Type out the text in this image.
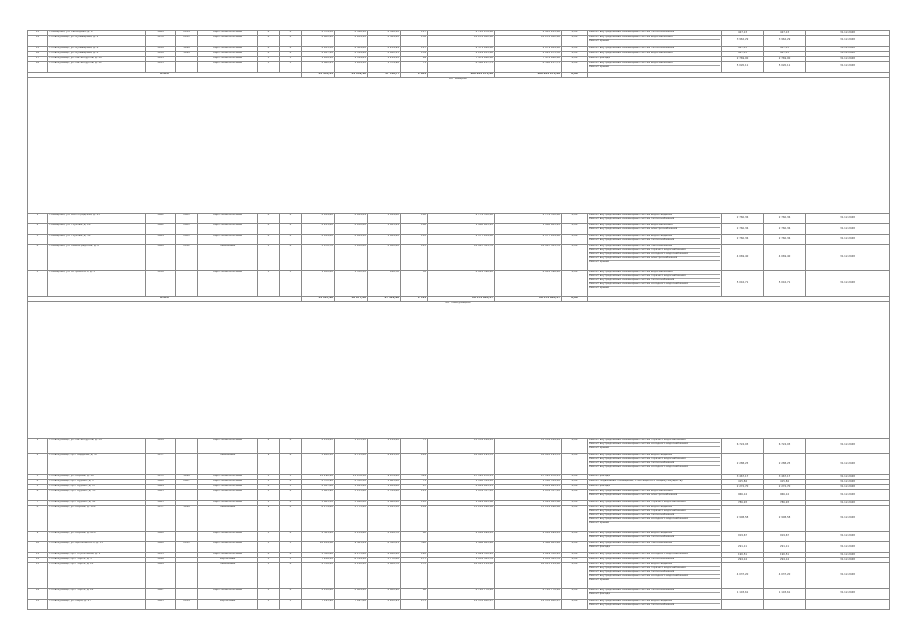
13	г.Кемерово, ул. Свободная, д. 4	1969	2014	Кирп. шлакоблочные	4	4	2 579,30	2 346,10	2 346,10	117	2 703 478,00	2 903 205,00	0,00	Ремонт внутридомовых инженерных систем теплоснабжения	427,13	427,13	31.12.2048
14	г.Новокузнецк, ул. Бульварная, д. 2	1970	2011	Кирп. шлакоблочные	4	4	2 902,20	2 634,10	2 384,20	138	10 231 002,00	10 231 002,00	0,00	Ремонт внутридомовых инженерных систем водоснабжения
Ремонт крыши	3 962,29	3 962,29	31.12.2048
15	г.Новокузнецк, ул. Бульварная, д. 6	1958	1998	Кирп. шлакоблочные	4	4	2 955,30	2 504,00	2 234,94	117	2 371 028,00	2 079 904,00	0,00	Ремонт внутридомовых инженерных систем теплоснабжения	427,13	427,13	31.12.2048
16	г.Новокузнецк, ул. Бульварная, д. 8	1958	1999	Кирп. шлакоблочные	4	4	2 927,10	2 519,26	2 022,15	134	2 214 453,00	2 022 475,30	0,00	Ремонт внутридомовых инженерных систем водоснабжения	427,13	427,13	31.12.2048
17	г.Новокузнецк, ул. Металлургов, д. 10	1955		Кирп. шлакоблочные	3	3	1 638,10	1 514,05	1 219,12	64	7 474 460,00	7 474 460,00	0,00	Ремонт фасада	2 769,00	2 769,00	31.12.2048
18	г.Новокузнецк, ул. Металлургов, д. 12	1955		Кирп. шлакоблочные	3	3	2 062,25	1 639,10	1 574,96	71	8 300 237,75	8 300 237,75	0,00	Ремонт внутридомовых инженерных систем водоснабжения
Ремонт крыши	5 020,11	5 020,11	31.12.2048
Итого							45 453,35	41 152,16	37 726,??	1 364	109 844 274,28	109 844 274,28	0,00				
МО "Кемерово"																	
1	г.Кемерово, ул. Волгоградская, д. 23	1962	2001	Кирп. шлакоблочные	4	4	2 189,60	2 024,89	1 814,80	100	2 774 350,00	2 774 350,00	0,00	Ремонт внутридомовых инженерных систем водоотведения
Ремонт внутридомовых инженерных систем теплоснабжения	2 760,36	2 760,36	31.12.2048
2	г.Кемерово, ул. Глухова, д. 28	1962	2001	Кирп. шлакоблочные	4	4	2 221,40	2 030,00	1 823,24	106	1 980 603,22	1 980 603,22	0,00	Ремонт внутридомовых инженерных систем водоснабжения
Ремонт внутридомовых инженерных систем электроснабжения	2 760,36	2 760,36	31.12.2048
3	г.Кемерово, ул. Глухова, д. 30	1964	2001	Кирп. шлакоблочные	4	4	2 189,80	2 024,10	1 824,20	112	2 177 954,00	2 177 954,00	0,00	Ремонт внутридомовых инженерных систем водоотведения
Ремонт внутридомовых инженерных систем теплоснабжения	2 760,36	2 760,36	31.12.2048
4	г.Кемерово, ул. Ленинградская, д. 8	1968	2012	Панельные	5	6	3 470,70	3 100,00	2 820,40	143	10 867 501,76	10 867 501,76	0,00	Ремонт внутридомовых инженерных систем газоснабжения
Ремонт внутридомовых инженерных систем горячего водоснабжения
Ремонт внутридомовых инженерных систем холодного водоснабжения
Ремонт внутридомовых инженерных систем электроснабжения
Ремонт крыши	4 069,40	4 069,40	31.12.2048
5	г.Кемерово, ул. Островского, д. 5	1956		Кирп. шлакоблочные	3	3	1 630,80	1 532,50	926,30	58	4 801 596,40	4 801 596,40	0,00	Ремонт внутридомовых инженерных систем водоснабжения
Ремонт внутридомовых инженерных систем горячего водоснабжения
Ремонт внутридомовых инженерных систем теплоснабжения
Ремонт внутридомовых инженерных систем холодного водоснабжения
Ремонт крыши	5 016,71	5 016,71	31.12.2048
Итого							35 167,90	30 677,20	27 412,98	1 794	28 574 005,37	28 574 005,37	0,00				
МО "Новокузнецкий"																	
1	г.Новокузнецк, ул. Металлургов, д. 39	1959		Кирп. шлакоблочные	2	4	2 139,20	1 975,10	1 114,20	75	13 134 169,61	13 134 169,61	0,00	Ремонт внутридомовых инженерных систем горячего водоснабжения
Ремонт внутридомовых инженерных систем холодного водоснабжения
Ремонт крыши	6 724,93	6 724,93	31.12.2048
2	г.Новокузнецк, пр-т Бардина, д. 47	1977		Панельные	9	6	5 260,10	4 733,00	4 241,30	244	10 083 191,35	10 083 191,35	0,00	Ремонт внутридомовых инженерных систем водоотведения
Ремонт внутридомовых инженерных систем горячего водоснабжения
Ремонт внутридомовых инженерных систем теплоснабжения
Ремонт внутридомовых инженерных систем холодного водоснабжения	2 288,25	2 288,25	31.12.2048
3	г.Новокузнецк, ул. Кирова, д. 19	1971	1998	Кирп. шлакоблочные	5	3	12 290,20	11 076,10	9 679,20	329	27 193 470,13	27 193 470,13	0,00	Ремонт фасада	3 467,17	3 467,17	31.12.2048
4	г.Новокузнецк, пр-т Курако, д. 1	1960	2007	Кирп. шлакоблочные	5	4	2 572,90	2 332,50	1 963,80	71	1 100 314,10	1 100 314,10	0,00	Ремонт подвальных помещений, относящихся к общему имуществу	415,84	415,84	31.12.2048
5	г.Новокузнецк, пр-т Курако, д. 17	1964		Кирп. шлакоблочные	4	3	2 027,80	1 815,20	1 654,00	87	4 614 945,13	4 614 945,13	0,00	Ремонт фасада	2 272,70	2 272,70	31.12.2048
6	г.Новокузнецк, пр-т Курако, д. 35	1963		Кирп. шлакоблочные	5	4	3 465,90	3 135,80	2 769,60	111	1 034 357,83	1 034 357,83	0,00	Ремонт внутридомовых инженерных систем водоснабжения
Ремонт внутридомовых инженерных систем электроснабжения	966,14	966,14	31.12.2048
7	г.Новокузнецк, пр-т Курако, д. 41	1963		Кирп. шлакоблочные	5	4	3 463,50	3 040,00	2 888,40	112	1 024 083,86	1 024 083,86	0,00	Ремонт внутридомовых инженерных систем горячего водоснабжения	786,93	786,93	31.12.2048
8	г.Новокузнецк, ул. Кирова, д. 108	1977	1998	Панельные	9	4	6 179,60	5 773,20	5 013,50	209	13 214 496,06	13 214 496,06	0,00	Ремонт внутридомовых инженерных систем водоотведения
Ремонт внутридомовых инженерных систем горячего водоснабжения
Ремонт внутридомовых инженерных систем теплоснабжения
Ремонт внутридомовых инженерных систем холодного водоснабжения
Ремонт крыши	2 908,58	2 908,58	31.12.2048
9	г.Новокузнецк, ул. Кирова, д. 61А	1960		Кирп. шлакоблочные	5	4	2 361,20	2 134,60	2 018,70	80	2 016 999,05	2 016 999,05	0,00	Ремонт внутридомовых инженерных систем водоотведения
Ремонт внутридомовых инженерных систем теплоснабжения	919,67	919,67	31.12.2048
10	г.Новокузнецк, ул. Циолковского, д. 35	1960	2011	Кирп. шлакоблочные	5	3	10 454,00	9 561,49	8 522,01	390	1 486 605,46	1 486 605,46	0,00	Ремонт внутридомовых инженерных систем газоснабжения
Ремонт фасада	291,11	291,11	31.12.2048
11	г.Новокузнецк, пр-т Строителей, д. 1	1955		Кирп. шлакоблочные	4	6	5 320,60	4 173,00	4 020,20	120	1 049 530,22	1 049 530,22	0,00	Ремонт внутридомовых инженерных систем холодного водоснабжения	190,51	190,51	31.12.2048
12	г.Новокузнецк, пр-т Зорге, д. 3	1946		Кирпичные	5	5	7 226,10	6 784,10	5 772,00	177	1 052 585,76	1 052 585,76	0,00	Ремонт внутридомовых инженерных систем теплоснабжения	294,14	294,14	31.12.2048
13	г.Новокузнецк, пр-т Зорге, д. 21	1969		Панельные	5	6	2 706,20	2 110,20	2 008,70	172	20 015 119,00	20 015 119,00	0,00	Ремонт внутридомовых инженерных систем водоотведения
Ремонт внутридомовых инженерных систем горячего водоснабжения
Ремонт внутридомовых инженерных систем теплоснабжения
Ремонт внутридомовых инженерных систем холодного водоснабжения
Ремонт крыши	4 037,20	4 037,20	31.12.2048
14	г.Новокузнецк, пр-т Зорге, д. 22	1967		Кирп. шлакоблочные	5	4	2 150,60	2 004,20	2 000,90	66	4 765 778,26	4 765 778,26	0,00	Ремонт внутридомовых инженерных систем теплоснабжения
Ремонт фасада	1 103,61	1 103,61	31.12.2048
15	г.Новокузнецк, ул. Мира, д. 27	1963	2014	Кирпичные	5	5	7 193,90	7 097,86	2 202,91	275	21 132 902,07	21 132 902,07	0,00	Ремонт внутридомовых инженерных систем водоотведения
Ремонт внутридомовых инженерных систем теплоснабжения			
